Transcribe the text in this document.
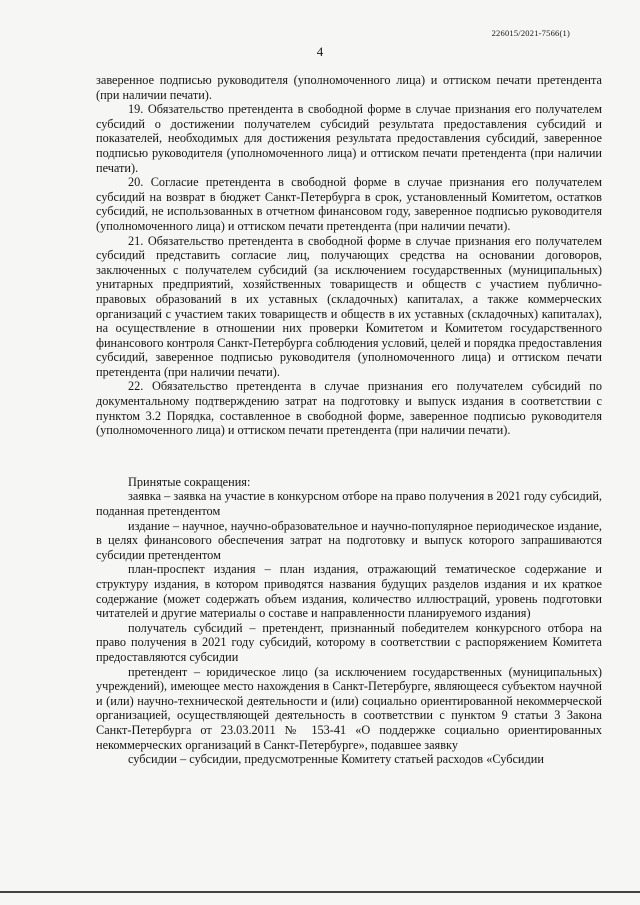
226015/2021-7566(1)
4

заверенное подписью руководителя (уполномоченного лица) и оттиском печати претендента (при наличии печати).

19. Обязательство претендента в свободной форме в случае признания его получателем субсидий о достижении получателем субсидий результата предоставления субсидий и показателей, необходимых для достижения результата предоставления субсидий, заверенное подписью руководителя (уполномоченного лица) и оттиском печати претендента (при наличии печати).

20. Согласие претендента в свободной форме в случае признания его получателем субсидий на возврат в бюджет Санкт-Петербурга в срок, установленный Комитетом, остатков субсидий, не использованных в отчетном финансовом году, заверенное подписью руководителя (уполномоченного лица) и оттиском печати претендента (при наличии печати).

21. Обязательство претендента в свободной форме в случае признания его получателем субсидий представить согласие лиц, получающих средства на основании договоров, заключенных с получателем субсидий (за исключением государственных (муниципальных) унитарных предприятий, хозяйственных товариществ и обществ с участием публично-правовых образований в их уставных (складочных) капиталах, а также коммерческих организаций с участием таких товариществ и обществ в их уставных (складочных) капиталах), на осуществление в отношении них проверки Комитетом и Комитетом государственного финансового контроля Санкт-Петербурга соблюдения условий, целей и порядка предоставления субсидий, заверенное подписью руководителя (уполномоченного лица) и оттиском печати претендента (при наличии печати).

22. Обязательство претендента в случае признания его получателем субсидий по документальному подтверждению затрат на подготовку и выпуск издания в соответствии с пунктом 3.2 Порядка, составленное в свободной форме, заверенное подписью руководителя (уполномоченного лица) и оттиском печати претендента (при наличии печати).

Принятые сокращения:

заявка – заявка на участие в конкурсном отборе на право получения в 2021 году субсидий, поданная претендентом

издание – научное, научно-образовательное и научно-популярное периодическое издание, в целях финансового обеспечения затрат на подготовку и выпуск которого запрашиваются субсидии претендентом

план-проспект издания – план издания, отражающий тематическое содержание и структуру издания, в котором приводятся названия будущих разделов издания и их краткое содержание (может содержать объем издания, количество иллюстраций, уровень подготовки читателей и другие материалы о составе и направленности планируемого издания)

получатель субсидий – претендент, признанный победителем конкурсного отбора на право получения в 2021 году субсидий, которому в соответствии с распоряжением Комитета предоставляются субсидии

претендент – юридическое лицо (за исключением государственных (муниципальных) учреждений), имеющее место нахождения в Санкт-Петербурге, являющееся субъектом научной и (или) научно-технической деятельности и (или) социально ориентированной некоммерческой организацией, осуществляющей деятельность в соответствии с пунктом 9 статьи 3 Закона Санкт-Петербурга от 23.03.2011 № 153-41 «О поддержке социально ориентированных некоммерческих организаций в Санкт-Петербурге», подавшее заявку

субсидии – субсидии, предусмотренные Комитету статьей расходов «Субсидии
